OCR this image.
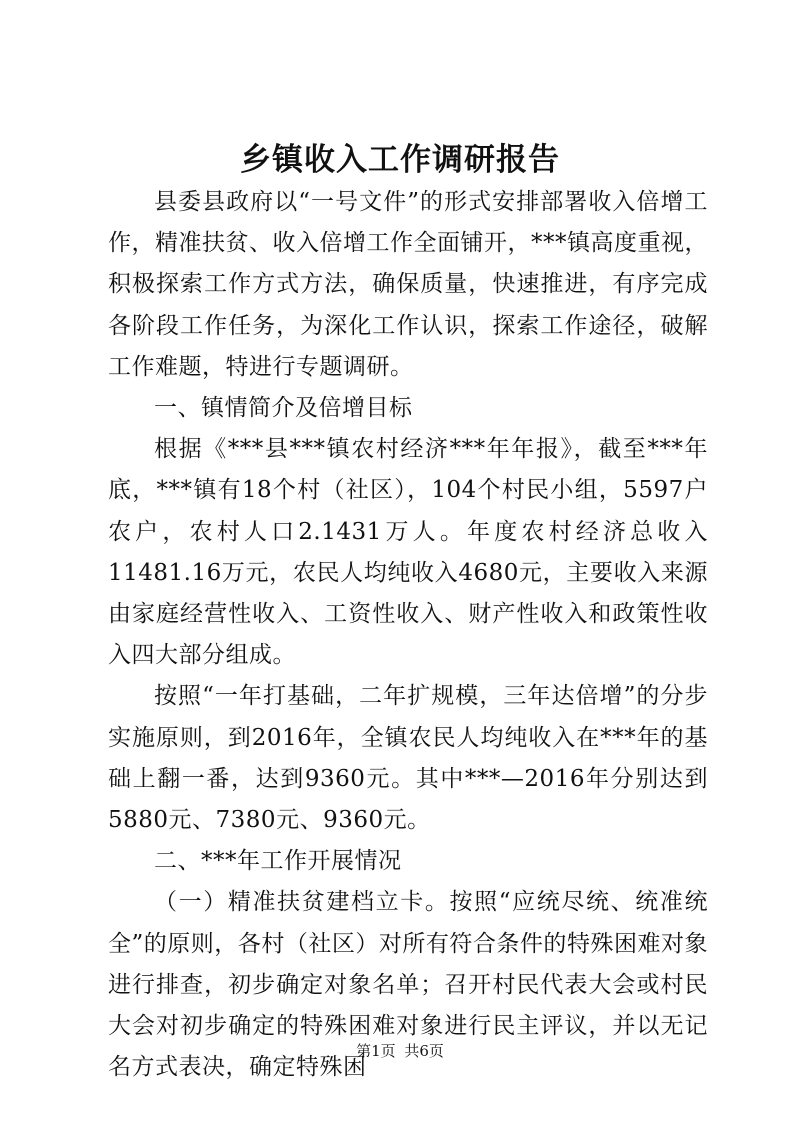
乡镇收入工作调研报告

县委县政府以“一号文件”的形式安排部署收入倍增工作，精准扶贫、收入倍增工作全面铺开，***镇高度重视，积极探索工作方式方法，确保质量，快速推进，有序完成各阶段工作任务，为深化工作认识，探索工作途径，破解工作难题，特进行专题调研。

一、镇情简介及倍增目标

根据《***县***镇农村经济***年年报》，截至***年底，***镇有18个村（社区），104个村民小组，5597户农户，农村人口2.1431万人。年度农村经济总收入11481.16万元，农民人均纯收入4680元，主要收入来源由家庭经营性收入、工资性收入、财产性收入和政策性收入四大部分组成。

按照“一年打基础，二年扩规模，三年达倍增”的分步实施原则，到2016年，全镇农民人均纯收入在***年的基础上翻一番，达到9360元。其中***—2016年分别达到5880元、7380元、9360元。

二、***年工作开展情况

（一）精准扶贫建档立卡。按照“应统尽统、统准统全”的原则，各村（社区）对所有符合条件的特殊困难对象进行排查，初步确定对象名单；召开村民代表大会或村民大会对初步确定的特殊困难对象进行民主评议，并以无记名方式表决，确定特殊困

第1页 共6页
